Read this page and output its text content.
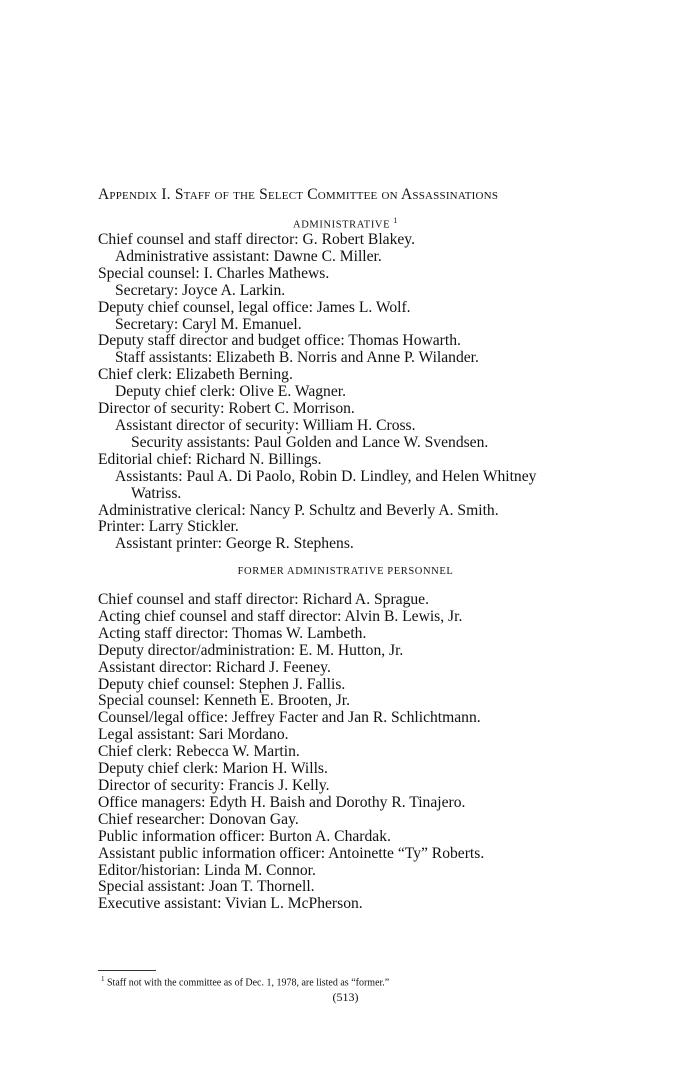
Appendix I. Staff of the Select Committee on Assassinations
ADMINISTRATIVE $^1$
Chief counsel and staff director: G. Robert Blakey.
Administrative assistant: Dawne C. Miller.
Special counsel: I. Charles Mathews.
Secretary: Joyce A. Larkin.
Deputy chief counsel, legal office: James L. Wolf.
Secretary: Caryl M. Emanuel.
Deputy staff director and budget office: Thomas Howarth.
Staff assistants: Elizabeth B. Norris and Anne P. Wilander.
Chief clerk: Elizabeth Berning.
Deputy chief clerk: Olive E. Wagner.
Director of security: Robert C. Morrison.
Assistant director of security: William H. Cross.
Security assistants: Paul Golden and Lance W. Svendsen.
Editorial chief: Richard N. Billings.
Assistants: Paul A. Di Paolo, Robin D. Lindley, and Helen Whitney
Watriss.
Administrative clerical: Nancy P. Schultz and Beverly A. Smith.
Printer: Larry Stickler.
Assistant printer: George R. Stephens.
FORMER ADMINISTRATIVE PERSONNEL
Chief counsel and staff director: Richard A. Sprague.
Acting chief counsel and staff director: Alvin B. Lewis, Jr.
Acting staff director: Thomas W. Lambeth.
Deputy director/administration: E. M. Hutton, Jr.
Assistant director: Richard J. Feeney.
Deputy chief counsel: Stephen J. Fallis.
Special counsel: Kenneth E. Brooten, Jr.
Counsel/legal office: Jeffrey Facter and Jan R. Schlichtmann.
Legal assistant: Sari Mordano.
Chief clerk: Rebecca W. Martin.
Deputy chief clerk: Marion H. Wills.
Director of security: Francis J. Kelly.
Office managers: Edyth H. Baish and Dorothy R. Tinajero.
Chief researcher: Donovan Gay.
Public information officer: Burton A. Chardak.
Assistant public information officer: Antoinette “Ty” Roberts.
Editor/historian: Linda M. Connor.
Special assistant: Joan T. Thornell.
Executive assistant: Vivian L. McPherson.
$^1$ Staff not with the committee as of Dec. 1, 1978, are listed as “former.”
(513)
